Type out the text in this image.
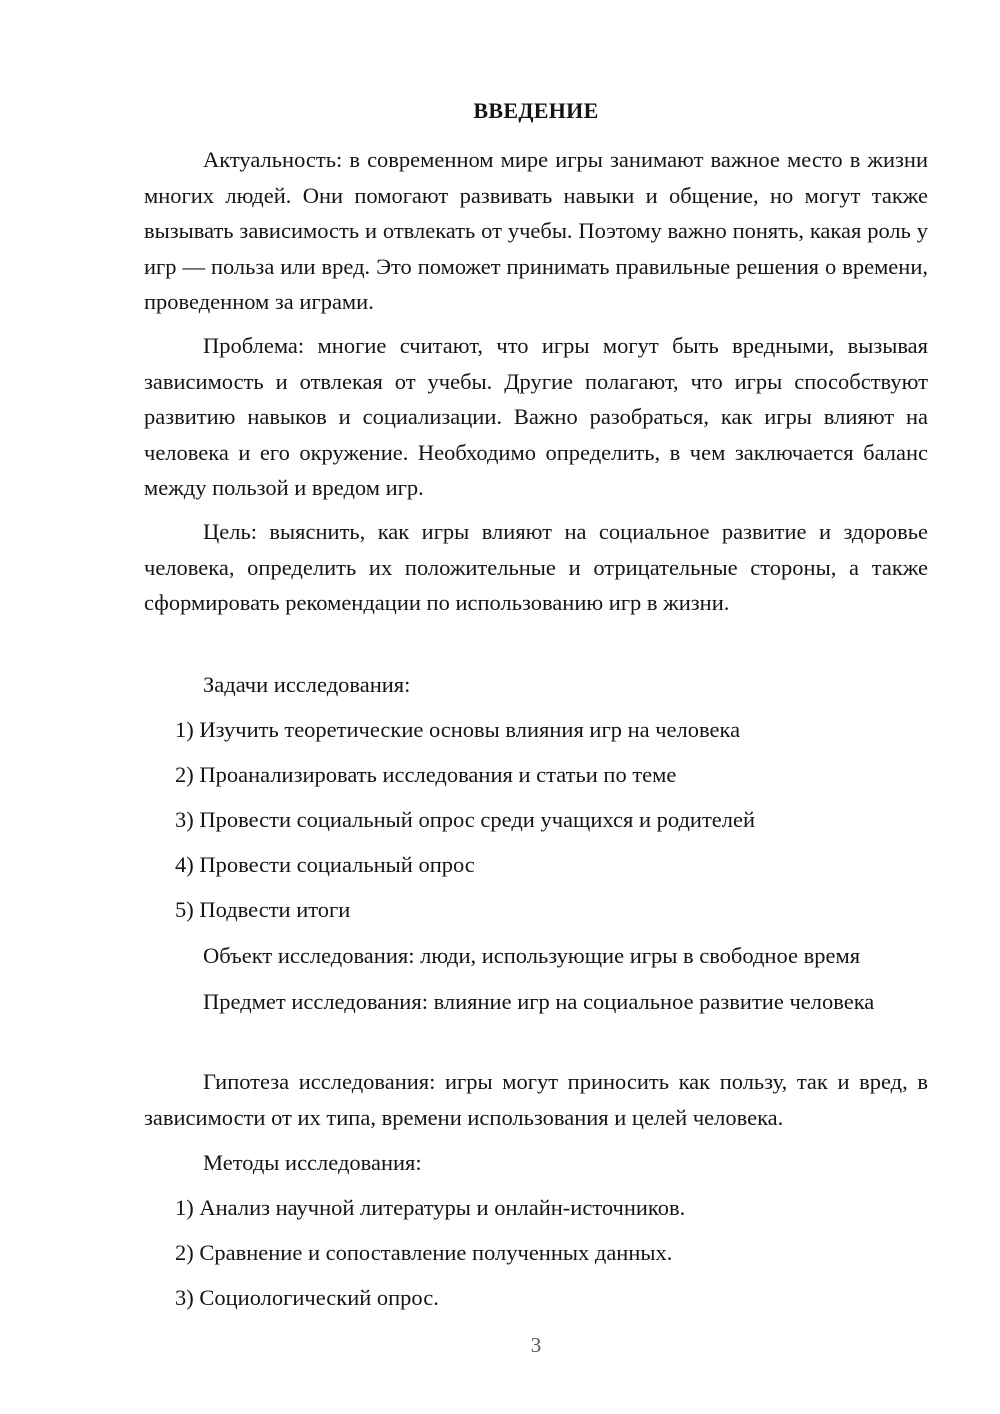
ВВЕДЕНИЕ

Актуальность: в современном мире игры занимают важное место в жизни многих людей. Они помогают развивать навыки и общение, но могут также вызывать зависимость и отвлекать от учебы. Поэтому важно понять, какая роль у игр — польза или вред. Это поможет принимать правильные решения о времени, проведенном за играми.

Проблема: многие считают, что игры могут быть вредными, вызывая зависимость и отвлекая от учебы. Другие полагают, что игры способствуют развитию навыков и социализации. Важно разобраться, как игры влияют на человека и его окружение. Необходимо определить, в чем заключается баланс между пользой и вредом игр.

Цель: выяснить, как игры влияют на социальное развитие и здоровье человека, определить их положительные и отрицательные стороны, а также сформировать рекомендации по использованию игр в жизни.

Задачи исследования:

1) Изучить теоретические основы влияния игр на человека

2) Проанализировать исследования и статьи по теме

3) Провести социальный опрос среди учащихся и родителей

4) Провести социальный опрос

5) Подвести итоги

Объект исследования: люди, использующие игры в свободное время

Предмет исследования: влияние игр на социальное развитие человека

Гипотеза исследования: игры могут приносить как пользу, так и вред, в зависимости от их типа, времени использования и целей человека.

Методы исследования:

1) Анализ научной литературы и онлайн-источников.

2) Сравнение и сопоставление полученных данных.

3) Социологический опрос.

3
